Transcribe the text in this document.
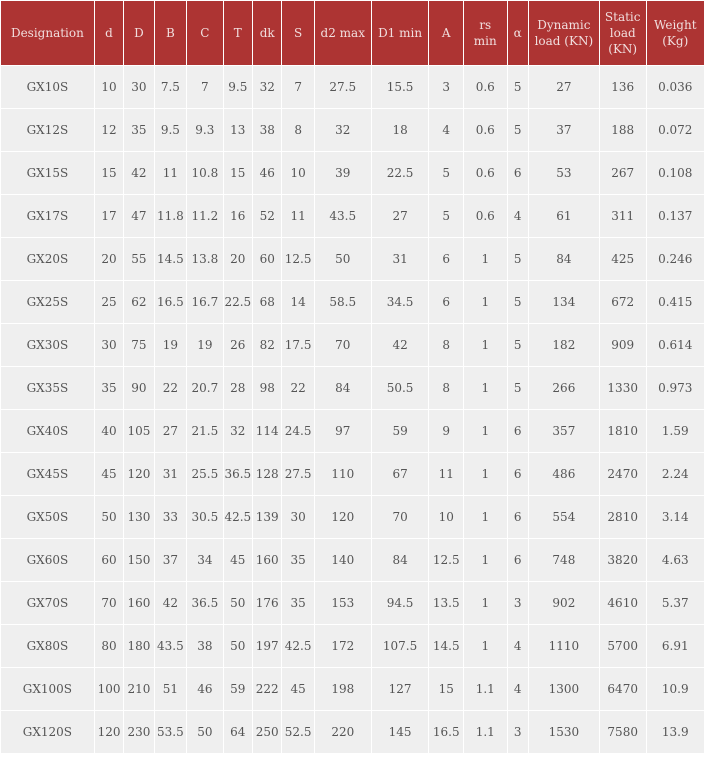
Designation	d	D	B	C	T	dk	S	d2 max	D1 min	A	rs min	α	Dynamic load (KN)	Static load (KN)	Weight (Kg)
GX10S	10	30	7.5	7	9.5	32	7	27.5	15.5	3	0.6	5	27	136	0.036
GX12S	12	35	9.5	9.3	13	38	8	32	18	4	0.6	5	37	188	0.072
GX15S	15	42	11	10.8	15	46	10	39	22.5	5	0.6	6	53	267	0.108
GX17S	17	47	11.8	11.2	16	52	11	43.5	27	5	0.6	4	61	311	0.137
GX20S	20	55	14.5	13.8	20	60	12.5	50	31	6	1	5	84	425	0.246
GX25S	25	62	16.5	16.7	22.5	68	14	58.5	34.5	6	1	5	134	672	0.415
GX30S	30	75	19	19	26	82	17.5	70	42	8	1	5	182	909	0.614
GX35S	35	90	22	20.7	28	98	22	84	50.5	8	1	5	266	1330	0.973
GX40S	40	105	27	21.5	32	114	24.5	97	59	9	1	6	357	1810	1.59
GX45S	45	120	31	25.5	36.5	128	27.5	110	67	11	1	6	486	2470	2.24
GX50S	50	130	33	30.5	42.5	139	30	120	70	10	1	6	554	2810	3.14
GX60S	60	150	37	34	45	160	35	140	84	12.5	1	6	748	3820	4.63
GX70S	70	160	42	36.5	50	176	35	153	94.5	13.5	1	3	902	4610	5.37
GX80S	80	180	43.5	38	50	197	42.5	172	107.5	14.5	1	4	1110	5700	6.91
GX100S	100	210	51	46	59	222	45	198	127	15	1.1	4	1300	6470	10.9
GX120S	120	230	53.5	50	64	250	52.5	220	145	16.5	1.1	3	1530	7580	13.9
